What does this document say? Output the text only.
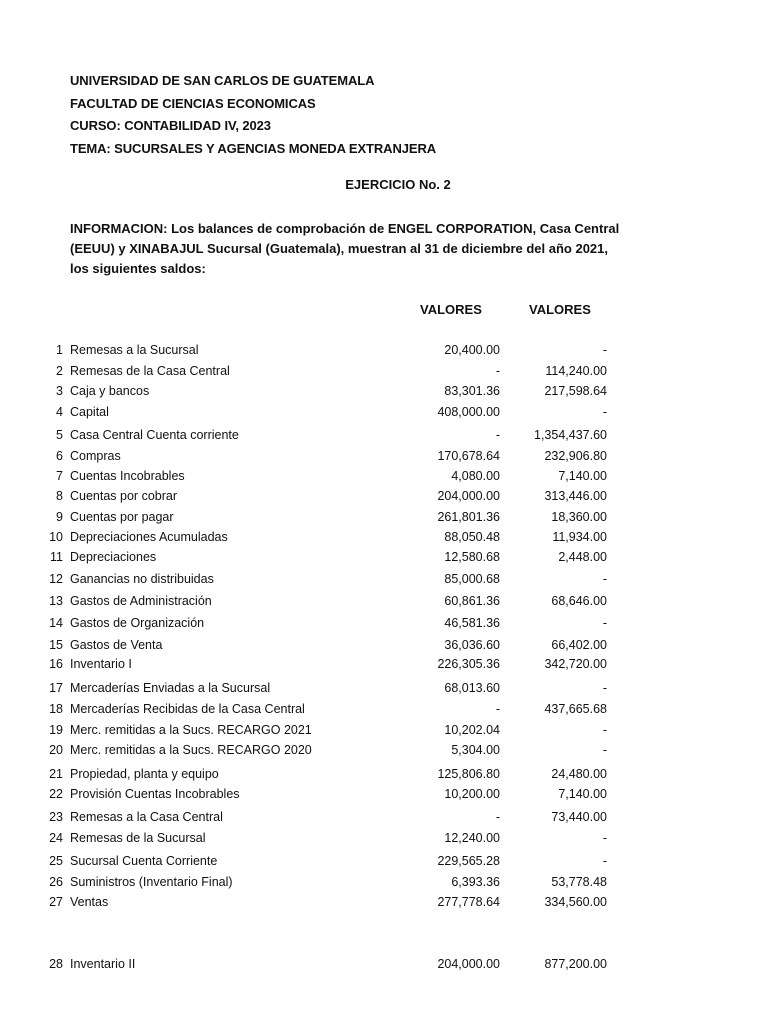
UNIVERSIDAD DE SAN CARLOS DE GUATEMALA
FACULTAD DE CIENCIAS ECONOMICAS
CURSO: CONTABILIDAD IV, 2023
TEMA: SUCURSALES Y AGENCIAS MONEDA EXTRANJERA
EJERCICIO No. 2
INFORMACION: Los balances de comprobación de ENGEL CORPORATION, Casa Central (EEUU) y XINABAJUL Sucursal (Guatemala), muestran al 31 de diciembre del año 2021, los siguientes saldos:
VALORES	VALORES
1 Remesas a la Sucursal	20,400.00	-
2 Remesas de la Casa Central	-	114,240.00
3 Caja y bancos	83,301.36	217,598.64
4 Capital	408,000.00	-
5 Casa Central Cuenta corriente	-	1,354,437.60
6 Compras	170,678.64	232,906.80
7 Cuentas Incobrables	4,080.00	7,140.00
8 Cuentas por cobrar	204,000.00	313,446.00
9 Cuentas por pagar	261,801.36	18,360.00
10 Depreciaciones Acumuladas	88,050.48	11,934.00
11 Depreciaciones	12,580.68	2,448.00
12 Ganancias no distribuidas	85,000.68	-
13 Gastos de Administración	60,861.36	68,646.00
14 Gastos de Organización	46,581.36	-
15 Gastos de Venta	36,036.60	66,402.00
16 Inventario I	226,305.36	342,720.00
17 Mercaderías Enviadas a la Sucursal	68,013.60	-
18 Mercaderías Recibidas de la Casa Central	-	437,665.68
19 Merc. remitidas a la Sucs. RECARGO 2021	10,202.04	-
20 Merc. remitidas a la Sucs. RECARGO 2020	5,304.00	-
21 Propiedad, planta y equipo	125,806.80	24,480.00
22 Provisión Cuentas Incobrables	10,200.00	7,140.00
23 Remesas a la Casa Central	-	73,440.00
24 Remesas de la Sucursal	12,240.00	-
25 Sucursal Cuenta Corriente	229,565.28	-
26 Suministros (Inventario Final)	6,393.36	53,778.48
27 Ventas	277,778.64	334,560.00
28 Inventario II	204,000.00	877,200.00
